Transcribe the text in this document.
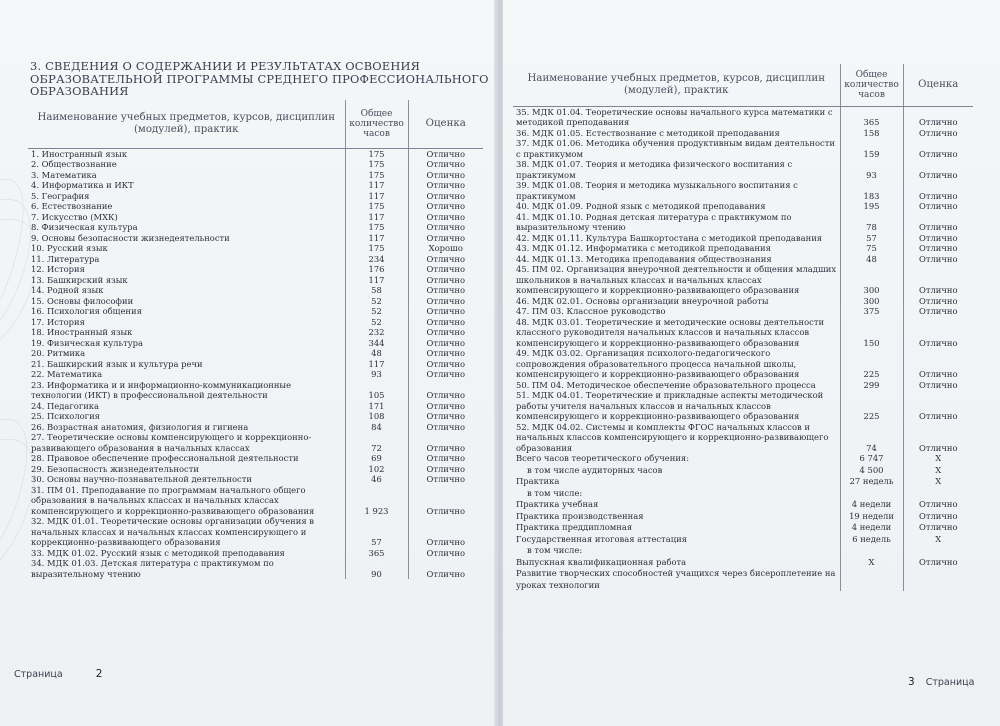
3. СВЕДЕНИЯ О СОДЕРЖАНИИ И РЕЗУЛЬТАТАХ ОСВОЕНИЯ ОБРАЗОВАТЕЛЬНОЙ ПРОГРАММЫ СРЕДНЕГО ПРОФЕССИОНАЛЬНОГО ОБРАЗОВАНИЯ
Наименование учебных предметов, курсов, дисциплин (модулей), практик	Общее количество часов	Оценка
1. Иностранный язык	175	Отлично
2. Обществознание	175	Отлично
3. Математика	175	Отлично
4. Информатика и ИКТ	117	Отлично
5. География	117	Отлично
6. Естествознание	175	Отлично
7. Искусство (МХК)	117	Отлично
8. Физическая культура	175	Отлично
9. Основы безопасности жизнедеятельности	117	Отлично
10. Русский язык	175	Хорошо
11. Литература	234	Отлично
12. История	176	Отлично
13. Башкирский язык	117	Отлично
14. Родной язык	58	Отлично
15. Основы философии	52	Отлично
16. Психология общения	52	Отлично
17. История	52	Отлично
18. Иностранный язык	232	Отлично
19. Физическая культура	344	Отлично
20. Ритмика	48	Отлично
21. Башкирский язык и культура речи	117	Отлично
22. Математика	93	Отлично
23. Информатика и и информационно-коммуникационные технологии (ИКТ) в профессиональной деятельности	105	Отлично
24. Педагогика	171	Отлично
25. Психология	108	Отлично
26. Возрастная анатомия, физиология и гигиена	84	Отлично
27. Теоретические основы компенсирующего и коррекционно-развивающего образования в начальных классах	72	Отлично
28. Правовое обеспечение профессиональной деятельности	69	Отлично
29. Безопасность жизнедеятельности	102	Отлично
30. Основы научно-познавательной деятельности	46	Отлично
31. ПМ 01. Преподавание по программам начального общего образования в начальных классах и начальных классах компенсирующего и коррекционно-развивающего образования	1 923	Отлично
32. МДК 01.01. Теоретические основы организации обучения в начальных классах и начальных классах компенсирующего и коррекционно-развивающего образования	57	Отлично
33. МДК 01.02. Русский язык с методикой преподавания	365	Отлично
34. МДК 01.03. Детская литература с практикумом по выразительному чтению	90	Отлично
Страница	2
Наименование учебных предметов, курсов, дисциплин (модулей), практик	Общее количество часов	Оценка
35. МДК 01.04. Теоретические основы начального курса математики с методикой преподавания	365	Отлично
36. МДК 01.05. Естествознание с методикой преподавания	158	Отлично
37. МДК 01.06. Методика обучения продуктивным видам деятельности с практикумом	159	Отлично
38. МДК 01.07. Теория и методика физического воспитания с практикумом	93	Отлично
39. МДК 01.08. Теория и методика музыкального воспитания с практикумом	183	Отлично
40. МДК 01.09. Родной язык с методикой преподавания	195	Отлично
41. МДК 01.10. Родная детская литература с практикумом по выразительному чтению	78	Отлично
42. МДК 01.11. Культура Башкортостана с методикой преподавания	57	Отлично
43. МДК 01.12. Информатика с методикой преподавания	75	Отлично
44. МДК 01.13. Методика преподавания обществознания	48	Отлично
45. ПМ 02. Организация внеурочной деятельности и общения младших школьников в начальных классах и начальных классах компенсирующего и коррекционно-развивающего образования	300	Отлично
46. МДК 02.01. Основы организации внеурочной работы	300	Отлично
47. ПМ 03. Классное руководство	375	Отлично
48. МДК 03.01. Теоретические и методические основы деятельности классного руководителя начальных классов и начальных классов компенсирующего и коррекционно-развивающего образования	150	Отлично
49. МДК 03.02. Организация психолого-педагогического сопровождения образовательного процесса начальной школы, компенсирующего и коррекционно-развивающего образования	225	Отлично
50. ПМ 04. Методическое обеспечение образовательного процесса	299	Отлично
51. МДК 04.01. Теоретические и прикладные аспекты методической работы учителя начальных классов и начальных классов компенсирующего и коррекционно-развивающего образования	225	Отлично
52. МДК 04.02. Системы и комплекты ФГОС начальных классов и начальных классов компенсирующего и коррекционно-развивающего образования	74	Отлично
Всего часов теоретического обучения:	6 747	X
в том числе аудиторных часов	4 500	X
Практика	27 недель	X
в том числе:		
Практика учебная	4 недели	Отлично
Практика производственная	19 недели	Отлично
Практика преддипломная	4 недели	Отлично
Государственная итоговая аттестация	6 недель	X
в том числе:		
Выпускная квалификационная работа	X	Отлично
Развитие творческих способностей учащихся через бисероплетение на уроках технологии		
3 Страница
